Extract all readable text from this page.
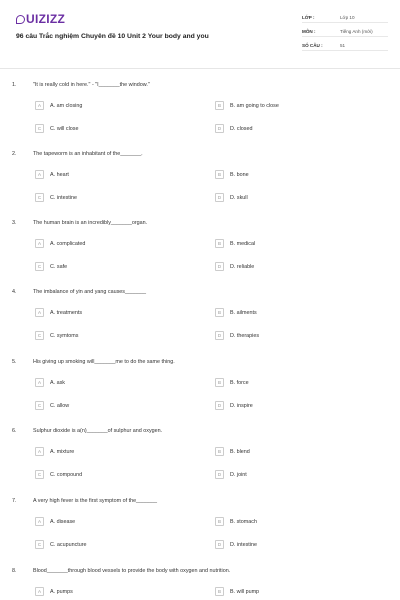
UIZIZZ
96 câu Trắc nghiệm Chuyên đề 10 Unit 2 Your body and you
LỚP :	Lớp 10
MÔN :	Tiếng Anh (mới)
SỐ CÂU :	51
1.	"It is really cold in here." - "I_______the window."
A	A. am closing	B	B. am going to close
C	C. will close	D	D. closed
2.	The tapeworm is an inhabitant of the_______.
A	A. heart	B	B. bone
C	C. intestine	D	D. skull
3.	The human brain is an incredibly_______organ.
A	A. complicated	B	B. medical
C	C. safe	D	D. reliable
4.	The imbalance of yin and yang causes_______
A	A. treatments	B	B. ailments
C	C. symtoms	D	D. therapies
5.	His giving up smoking will_______me to do the same thing.
A	A. ask	B	B. force
C	C. allow	D	D. inspire
6.	Sulphur dioxide is a(n)_______of sulphur and oxygen.
A	A. mixture	B	B. blend
C	C. compound	D	D. joint
7.	A very high fever is the first symptom of the_______
A	A. disease	B	B. stomach
C	C. acupuncture	D	D. intestine
8.	Blood_______through blood vessels to provide the body with oxygen and nutrition.
A	A. pumps	B	B. will pump
